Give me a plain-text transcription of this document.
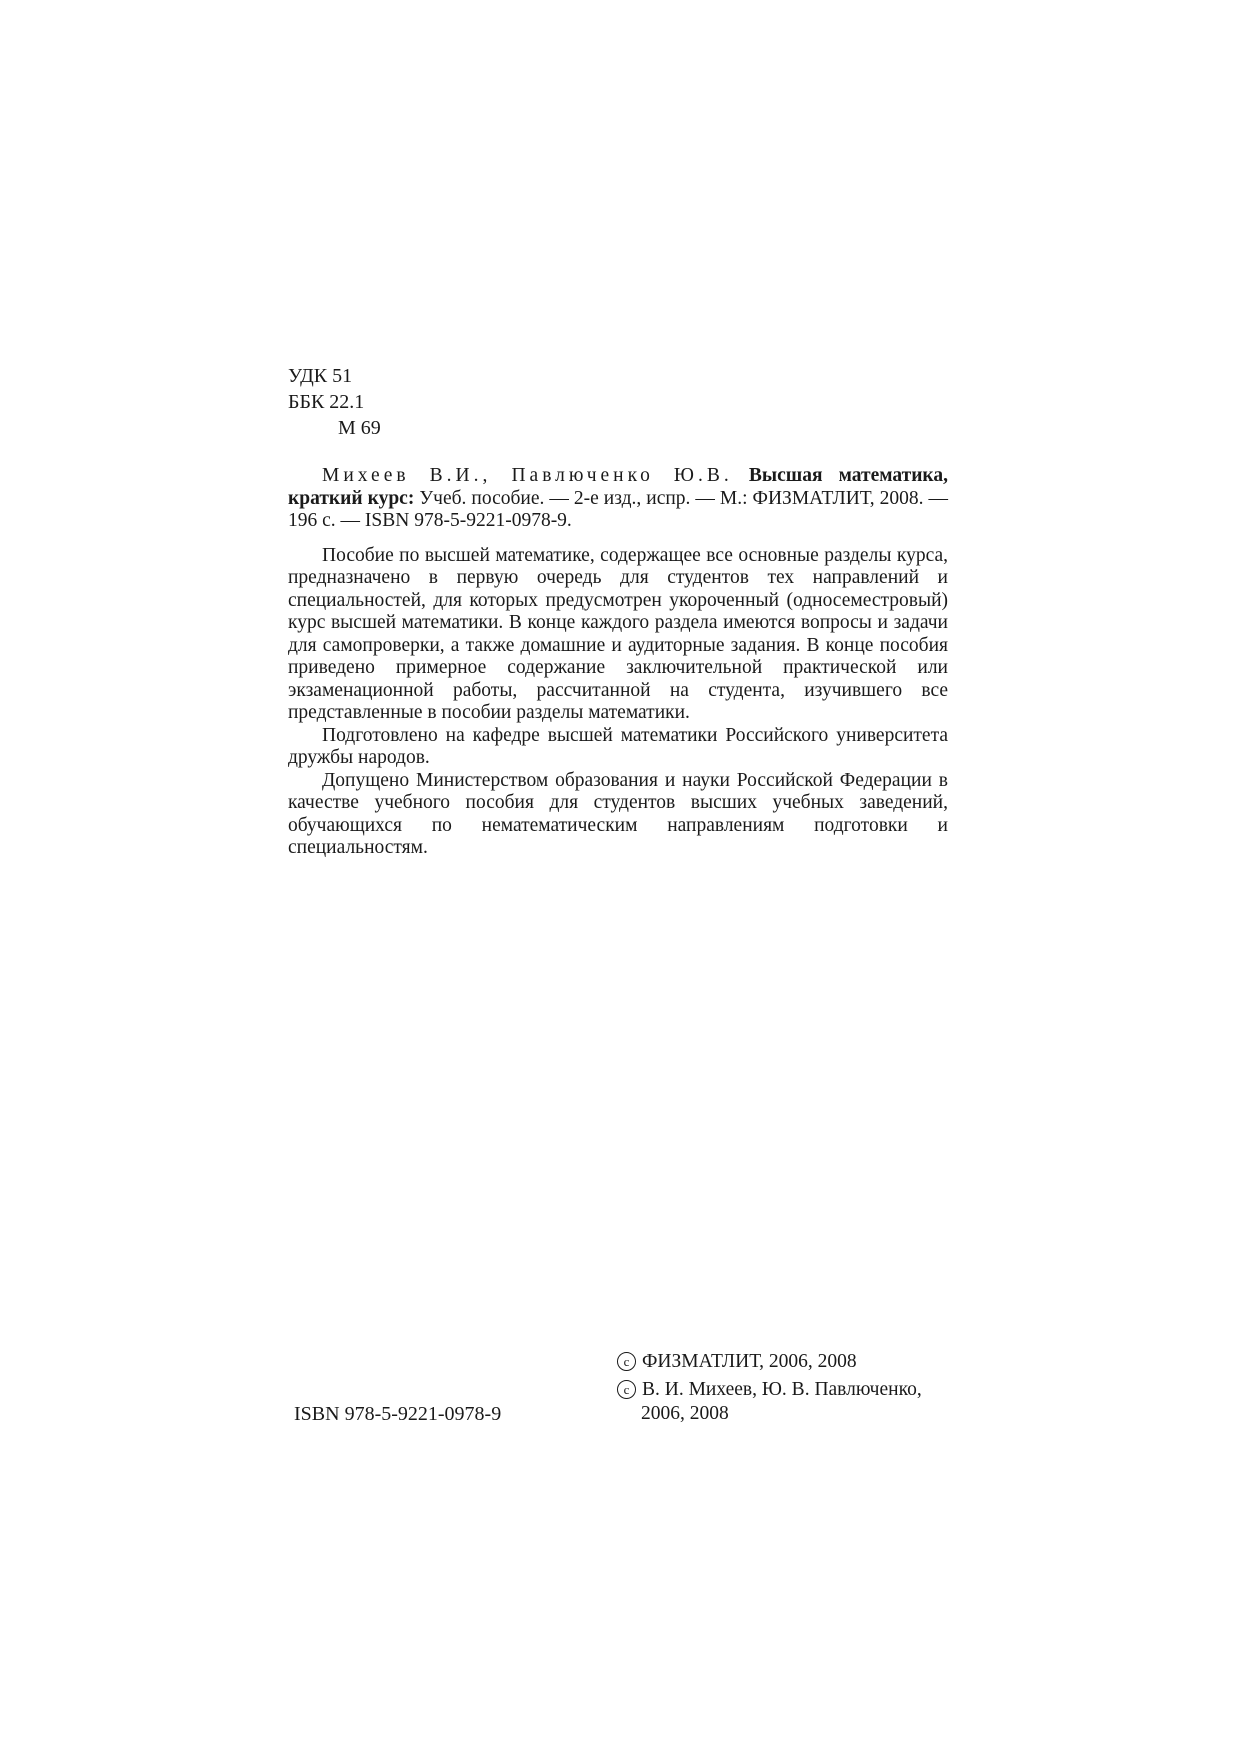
УДК 51
ББК 22.1
М 69

Михеев В.И., Павлюченко Ю.В. Высшая математика, краткий курс: Учеб. пособие. — 2-е изд., испр. — М.: ФИЗМАТЛИТ, 2008. — 196 с. — ISBN 978-5-9221-0978-9.

Пособие по высшей математике, содержащее все основные разделы курса, предназначено в первую очередь для студентов тех направлений и специальностей, для которых предусмотрен укороченный (односеместровый) курс высшей математики. В конце каждого раздела имеются вопросы и задачи для самопроверки, а также домашние и аудиторные задания. В конце пособия приведено примерное содержание заключительной практической или экзаменационной работы, рассчитанной на студента, изучившего все представленные в пособии разделы математики.

Подготовлено на кафедре высшей математики Российского университета дружбы народов.

Допущено Министерством образования и науки Российской Федерации в качестве учебного пособия для студентов высших учебных заведений, обучающихся по нематематическим направлениям подготовки и специальностям.

ISBN 978-5-9221-0978-9
c ФИЗМАТЛИТ, 2006, 2008
c В. И. Михеев, Ю. В. Павлюченко,
2006, 2008
